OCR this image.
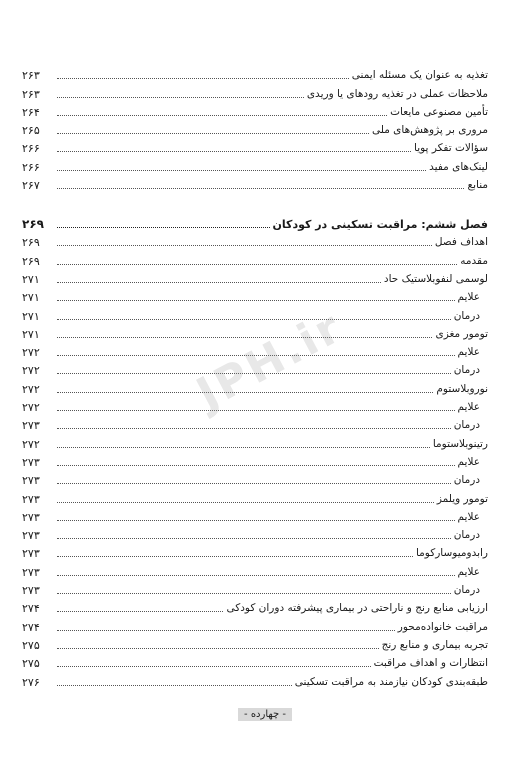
تغذیه به عنوان یک مسئله ایمنی
۲۶۳
ملاحظات عملی در تغذیه رودهای یا وریدی
۲۶۳
تأمین مصنوعی مایعات
۲۶۴
مروری بر پژوهش‌های ملی
۲۶۵
سؤالات تفکر پویا
۲۶۶
لینک‌های مفید
۲۶۶
منابع
۲۶۷
فصل ششم: مراقبت تسکینی در کودکان
۲۶۹
اهداف فصل
۲۶۹
مقدمه
۲۶۹
لوسمی لنفوبلاستیک حاد
۲۷۱
علایم
۲۷۱
درمان
۲۷۱
تومور مغزی
۲۷۱
علایم
۲۷۲
درمان
۲۷۲
نوروبلاستوم
۲۷۲
علایم
۲۷۲
درمان
۲۷۳
رتینوبلاستوما
۲۷۲
علایم
۲۷۳
درمان
۲۷۳
تومور ویلمز
۲۷۳
علایم
۲۷۳
درمان
۲۷۳
رابدومیوسارکوما
۲۷۳
علایم
۲۷۳
درمان
۲۷۳
ارزیابی منابع رنج و ناراحتی در بیماری پیشرفته دوران کودکی
۲۷۴
مراقبت خانواده‌محور
۲۷۴
تجربه بیماری و منابع رنج
۲۷۵
انتظارات و اهداف مراقبت
۲۷۵
طبقه‌بندی کودکان نیازمند به مراقبت تسکینی
۲۷۶
JPH.ir
- چهارده -
